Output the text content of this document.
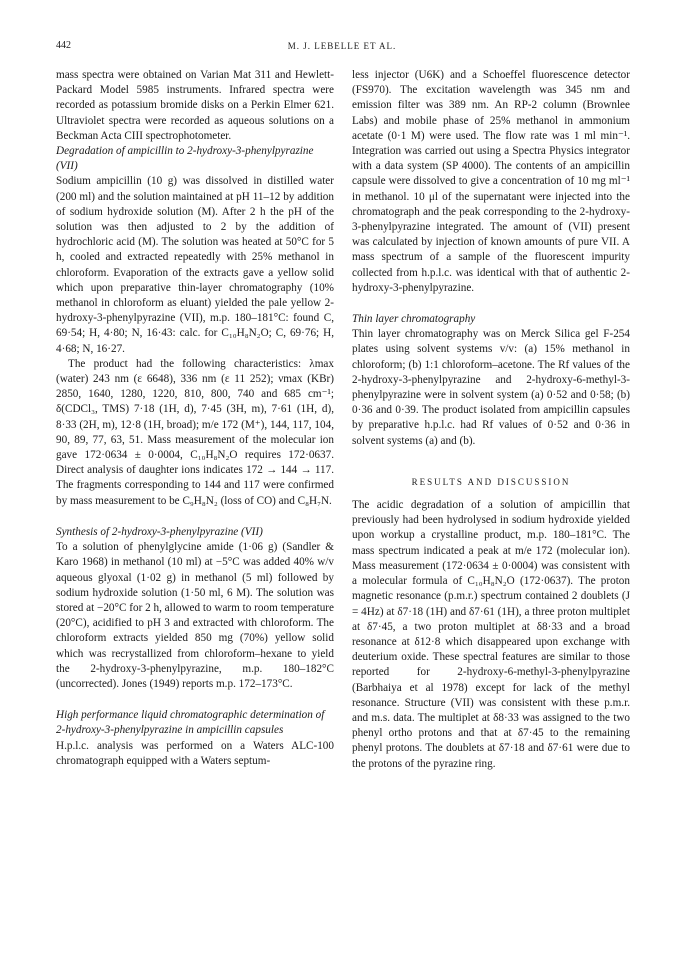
442	M. J. LEBELLE ET AL.

mass spectra were obtained on Varian Mat 311 and Hewlett-Packard Model 5985 instruments. Infrared spectra were recorded as potassium bromide disks on a Perkin Elmer 621. Ultraviolet spectra were recorded as aqueous solutions on a Beckman Acta CIII spectrophotometer.

Degradation of ampicillin to 2-hydroxy-3-phenylpyrazine (VII)

Sodium ampicillin (10 g) was dissolved in distilled water (200 ml) and the solution maintained at pH 11–12 by addition of sodium hydroxide solution (M). After 2 h the pH of the solution was then adjusted to 2 by the addition of hydrochloric acid (M). The solution was heated at 50°C for 5 h, cooled and extracted repeatedly with 25% methanol in chloroform. Evaporation of the extracts gave a yellow solid which upon preparative thin-layer chromatography (10% methanol in chloroform as eluant) yielded the pale yellow 2-hydroxy-3-phenylpyrazine (VII), m.p. 180–181°C: found C, 69·54; H, 4·80; N, 16·43: calc. for C₁₀H₈N₂O; C, 69·76; H, 4·68; N, 16·27.

The product had the following characteristics: λmax (water) 243 nm (ε 6648), 336 nm (ε 11 252); νmax (KBr) 2850, 1640, 1280, 1220, 810, 800, 740 and 685 cm⁻¹; δ(CDCl₃, TMS) 7·18 (1H, d), 7·45 (3H, m), 7·61 (1H, d), 8·33 (2H, m), 12·8 (1H, broad); m/e 172 (M⁺), 144, 117, 104, 90, 89, 77, 63, 51. Mass measurement of the molecular ion gave 172·0634 ± 0·0004, C₁₀H₈N₂O requires 172·0637. Direct analysis of daughter ions indicates 172 → 144 → 117. The fragments corresponding to 144 and 117 were confirmed by mass measurement to be C₉H₈N₂ (loss of CO) and C₈H₇N.

Synthesis of 2-hydroxy-3-phenylpyrazine (VII)

To a solution of phenylglycine amide (1·06 g) (Sandler & Karo 1968) in methanol (10 ml) at −5°C was added 40% w/v aqueous glyoxal (1·02 g) in methanol (5 ml) followed by sodium hydroxide solution (1·50 ml, 6 M). The solution was stored at −20°C for 2 h, allowed to warm to room temperature (20°C), acidified to pH 3 and extracted with chloroform. The chloroform extracts yielded 850 mg (70%) yellow solid which was recrystallized from chloroform–hexane to yield the 2-hydroxy-3-phenylpyrazine, m.p. 180–182°C (uncorrected). Jones (1949) reports m.p. 172–173°C.

High performance liquid chromatographic determination of 2-hydroxy-3-phenylpyrazine in ampicillin capsules

H.p.l.c. analysis was performed on a Waters ALC-100 chromatograph equipped with a Waters septum-

less injector (U6K) and a Schoeffel fluorescence detector (FS970). The excitation wavelength was 345 nm and emission filter was 389 nm. An RP-2 column (Brownlee Labs) and mobile phase of 25% methanol in ammonium acetate (0·1 M) were used. The flow rate was 1 ml min⁻¹. Integration was carried out using a Spectra Physics integrator with a data system (SP 4000). The contents of an ampicillin capsule were dissolved to give a concentration of 10 mg ml⁻¹ in methanol. 10 μl of the supernatant were injected into the chromatograph and the peak corresponding to the 2-hydroxy-3-phenylpyrazine integrated. The amount of (VII) present was calculated by injection of known amounts of pure VII. A mass spectrum of a sample of the fluorescent impurity collected from h.p.l.c. was identical with that of authentic 2-hydroxy-3-phenylpyrazine.

Thin layer chromatography

Thin layer chromatography was on Merck Silica gel F-254 plates using solvent systems v/v: (a) 15% methanol in chloroform; (b) 1:1 chloroform–acetone. The Rf values of the 2-hydroxy-3-phenylpyrazine and 2-hydroxy-6-methyl-3-phenylpyrazine were in solvent system (a) 0·52 and 0·58; (b) 0·36 and 0·39. The product isolated from ampicillin capsules by preparative h.p.l.c. had Rf values of 0·52 and 0·36 in solvent systems (a) and (b).

RESULTS AND DISCUSSION

The acidic degradation of a solution of ampicillin that previously had been hydrolysed in sodium hydroxide yielded upon workup a crystalline product, m.p. 180–181°C. The mass spectrum indicated a peak at m/e 172 (molecular ion). Mass measurement (172·0634 ± 0·0004) was consistent with a molecular formula of C₁₀H₈N₂O (172·0637). The proton magnetic resonance (p.m.r.) spectrum contained 2 doublets (J = 4Hz) at δ7·18 (1H) and δ7·61 (1H), a three proton multiplet at δ7·45, a two proton multiplet at δ8·33 and a broad resonance at δ12·8 which disappeared upon exchange with deuterium oxide. These spectral features are similar to those reported for 2-hydroxy-6-methyl-3-phenylpyrazine (Barbhaiya et al 1978) except for lack of the methyl resonance. Structure (VII) was consistent with these p.m.r. and m.s. data. The multiplet at δ8·33 was assigned to the two phenyl ortho protons and that at δ7·45 to the remaining phenyl protons. The doublets at δ7·18 and δ7·61 were due to the protons of the pyrazine ring.
